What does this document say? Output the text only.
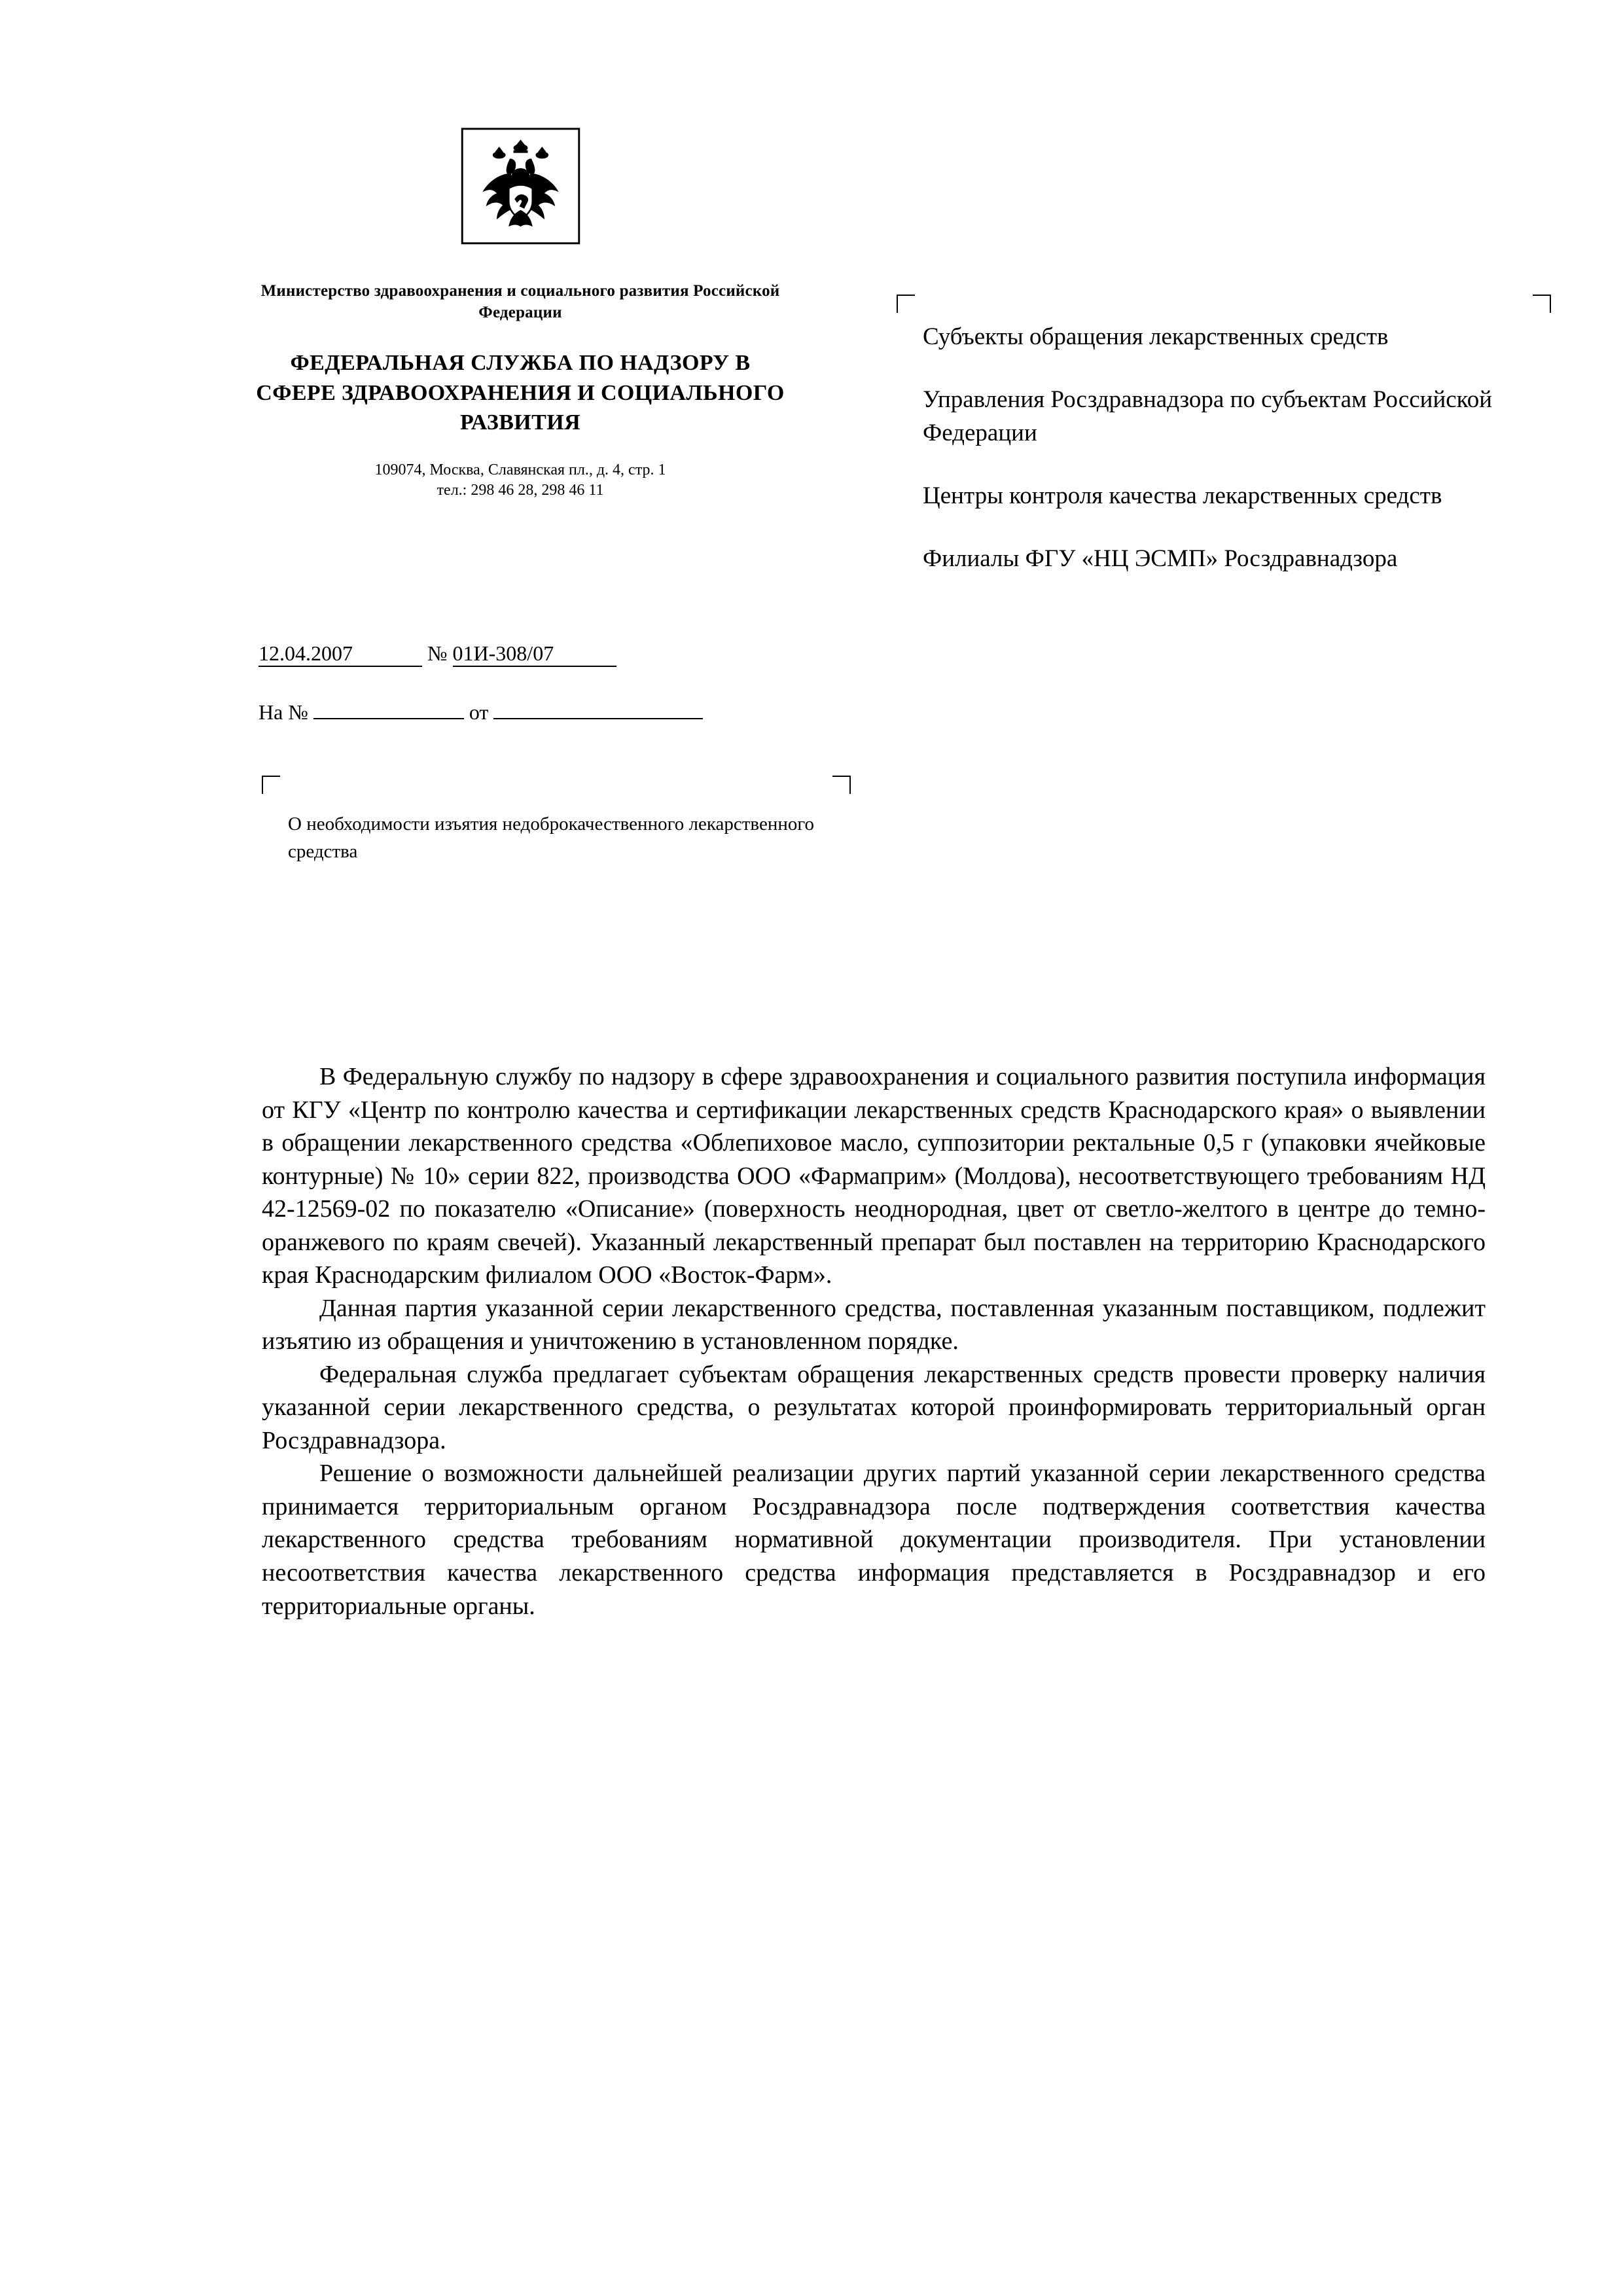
Министерство здравоохранения и социального развития Российской Федерации
ФЕДЕРАЛЬНАЯ СЛУЖБА ПО НАДЗОРУ В СФЕРЕ ЗДРАВООХРАНЕНИЯ И СОЦИАЛЬНОГО РАЗВИТИЯ
109074, Москва, Славянская пл., д. 4, стр. 1
тел.: 298 46 28, 298 46 11
12.04.2007	№ 01И-308/07
На №	от
О необходимости изъятия недоброкачественного лекарственного средства
Субъекты обращения лекарственных средств
Управления Росздравнадзора по субъектам Российской Федерации
Центры контроля качества лекарственных средств
Филиалы ФГУ «НЦ ЭСМП» Росздравнадзора

В Федеральную службу по надзору в сфере здравоохранения и социального развития поступила информация от КГУ «Центр по контролю качества и сертификации лекарственных средств Краснодарского края» о выявлении в обращении лекарственного средства «Облепиховое масло, суппозитории ректальные 0,5 г (упаковки ячейковые контурные) № 10» серии 822, производства ООО «Фармаприм» (Молдова), несоответствующего требованиям НД 42-12569-02 по показателю «Описание» (поверхность неоднородная, цвет от светло-желтого в центре до темно-оранжевого по краям свечей). Указанный лекарственный препарат был поставлен на территорию Краснодарского края Краснодарским филиалом ООО «Восток-Фарм».

Данная партия указанной серии лекарственного средства, поставленная указанным поставщиком, подлежит изъятию из обращения и уничтожению в установленном порядке.

Федеральная служба предлагает субъектам обращения лекарственных средств провести проверку наличия указанной серии лекарственного средства, о результатах которой проинформировать территориальный орган Росздравнадзора.

Решение о возможности дальнейшей реализации других партий указанной серии лекарственного средства принимается территориальным органом Росздравнадзора после подтверждения соответствия качества лекарственного средства требованиям нормативной документации производителя. При установлении несоответствия качества лекарственного средства информация представляется в Росздравнадзор и его территориальные органы.
